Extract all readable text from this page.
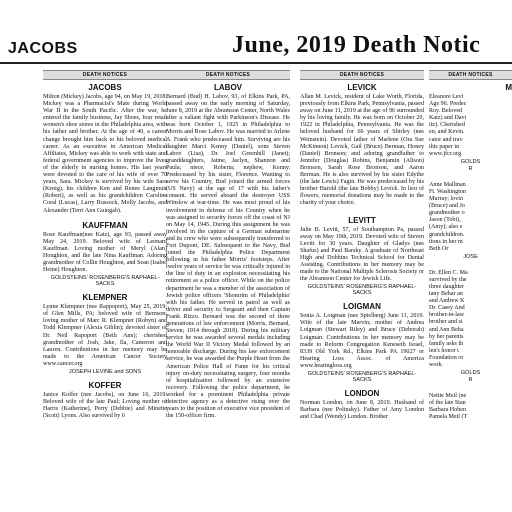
JACOBS	June, 2019 Death Notic
DEATH NOTICES
JACOBS

Milton (Mickey) Jacobs, age 94, on May 19, 2018. Mickey was a Pharmacist's Mate during World War II in the South Pacific. After the war, he entered the family business, Jay Shoes, four retail women's shoe stores in the Philadelphia area, with his father and brother. At the age of 40, a career change brought him back to his beloved medical career. As an executive in American Medical Affiliates, Mickey was able to work with state and federal government agencies to improve the lives of the elderly in nursing homes. His last years were devoted to the care of his wife of over 70 years, Sara. Mickey is survived by his wife Sara (Kenig), his children Ken and Renee Langmuir (Robert), as well as his grandchildren Caroline Coral (Lucas), Larry Russock, Molly Jacobs, and Alexander (Terri Ann Guingab).

KAUFFMAN

Rose Kauffman(nee Katz), age 93, passed away May 24, 2019. Beloved wife of Leonard Kauffman. Loving mother of Meryl (Alan) Houghton, and the late Nina Kauffman. Adoring grandmother of Collin Houghton, and Sean (Isabel Heine) Houghton.

GOLDSTEINS' ROSENBERG'S RAPHAEL-SACKS
KLEMPNER

Lynne Klempner (nee Rappoport), May 25, 2019; of Glen Mills, PA; beloved wife of Bernson; loving mother of Marc R. Klempner (Robyn) and Todd Klempner (Alexia Giblin); devoted sister of Dr. Neil Rapoport (Beth Ann); cherished grandmother of Josh, Jake, Ila, Cameron and Lauren. Contributions in her memory may be made to the American Cancer Society www.cancer.org

JOSEPH LEVINE and SONS
KOFFER

Janice Koffer (nee Jacobs), on June 16, 2019. Beloved wife of the late Paul; Loving mother of Harris (Katherine), Perry (Debbie) and Minette (Scott) Lyons. Also survived by 6

DEATH NOTICES
LABOV

Bernard (Bud) H. Labov, 93, of Elkins Park, PA, passed away on the early morning of Saturday, June 8, 2019 at the Abramson Center, North Wales after a valiant fight with Parkinson's Disease. He was born October 1, 1925 in Philadelphia to Morris and Rose Labov. He was married to Arlene A. Frank who predeceased him. Surviving are his daughter Marci Kenny (Daniel), sons Steven Labov (Lisa), Dr. Joel Greenhill (Janet); granddaughters, Jaime, Jaclyn, Shannon and Paula; niece, Roberta; nephew, Kenny. Predeceased by his sister, Florence. Wanting to serve his Country, Bud joined the armed forces (US Navy) at the age of 17 with his father's consent. He served aboard the destroyer USS Winslow at war-time. He was most proud of his involvement in defense of his Country when he was assigned to security forces off the coast of NJ on May 14, 1945. During this assignment he was involved in the capture of a German submarine and its crew who were subsequently transferred to Fort Dupont, DE. Subsequent to the Navy, Bud joined the Philadelphia Police Department following in his father Morris' footsteps. After twelve years of service he was critically injured in the line of duty in an explosion necessitating his retirement as a police officer. While on the police department he was a member of the association of Jewish police officers 'Shomrim of Philadelphia' with his father. He served in patrol as well as driver and security to Sergeant and then Captain Frank Rizzo. Bernard was the second of three generations of law enforcement (Morris, Bernard, Steven; 1914 through 2018). During his military service he was awarded several medals including the World War II Victory Medal followed by an honorable discharge. During his law enforcement service, he was awarded the Purple Heart from the American Police Hall of Fame for his critical injury on-duty necessitating surgery, four months of hospitalization followed by an extensive recovery. Following the police department, he worked for a prominent Philadelphia private detective agency as a detective rising over the years to the position of executive vice president of the 150-officer firm.

DEATH NOTICES
LEVICK

Allan M. Levick, resident of Lake Worth, Florida, previously from Elkins Park, Pennsylvania, passed away on June 11, 2019 at the age of 96 surrounded by his loving family. He was born on October 20, 1922 in Philadelphia, Pennsylvania. He was the beloved husband for 66 years of Shirley (nee Weinstein). Devoted father of Marlene (Ora Sue McKinnon) Levick, Gail (Bruce) Berman, Honey (Daniel) Bronson; and adoring grandfather to Jennifer (Douglas) Robins, Benjamin (Alison) Bronson, Sarah Rose Bronson, and Aaron Berman. He is also survived by his sister Edythe (the late Lewis) Fagin. He was predeceased by his brother Harold (the late Bobby) Levick. In lieu of flowers, memorial donations may be made to the charity of your choice.

LEVITT

Julie B. Levitt, 57, of Southampton Pa, passed away on May 19th, 2019. Devoted wife of Steven Levitt for 30 years. Daughter of Gladys (nee Shafus) and Paul Barsky. A graduate of Northeast High and Dobbins Technical School for Dental Assisting. Contributions in her memory may be made to the National Multiple Sclerosis Society or the Abramson Center for Jewish Life.

GOLDSTEINS' ROSENBERG'S RAPHAEL-SACKS
LOIGMAN

Sonia A. Loigman (nee Spielberg) June 11, 2019. Wife of the late Marvin; mother of Andrea Loigman (Stewart Riley) and Bruce (Deborah) Loigman. Contributions in her memory may be made to Reform Congregation Keneseth Israel, 8339 Old York Rd., Elkins Park PA 19027 or Hearing Loss Assoc. of America www.hearingloss.org

GOLDSTEINS' ROSENBERG'S RAPHAEL-SACKS
LONDON

Norman London, on June 8, 2019. Husband of Barbara (nee Polinsky). Father of Amy London and Chad (Wendy) London. Brother

DEATH NOTICES
M

Eleanore Levi

Age 96. Predec

Roy. Beloved

Katz) and Davi

itz). Cherished

en, and Kevin.

cator and trav

this paper in

www.jfcr.org

GOLDS
R

Anne Mallinan

Ft. Washington

Murray; lovin

(Bruce) and Jo

grandmother o

Jason (Tobi),

(Amy); also s

grandchildren.

tions in her m

Beth Or

JOSE

Dr. Ellen C. Ma

survived by the

three daughter

tany Behar an

and Andrew K

Dr. Casey And

brother-in-law

brother and si

and Ann Beha

by her parents

family asks th

len's honor t

Foundation or

work.

GOLDS
R

Nettie Meil (ne

of the late Stan

Barbara Hoben

Pamela Meil (T
